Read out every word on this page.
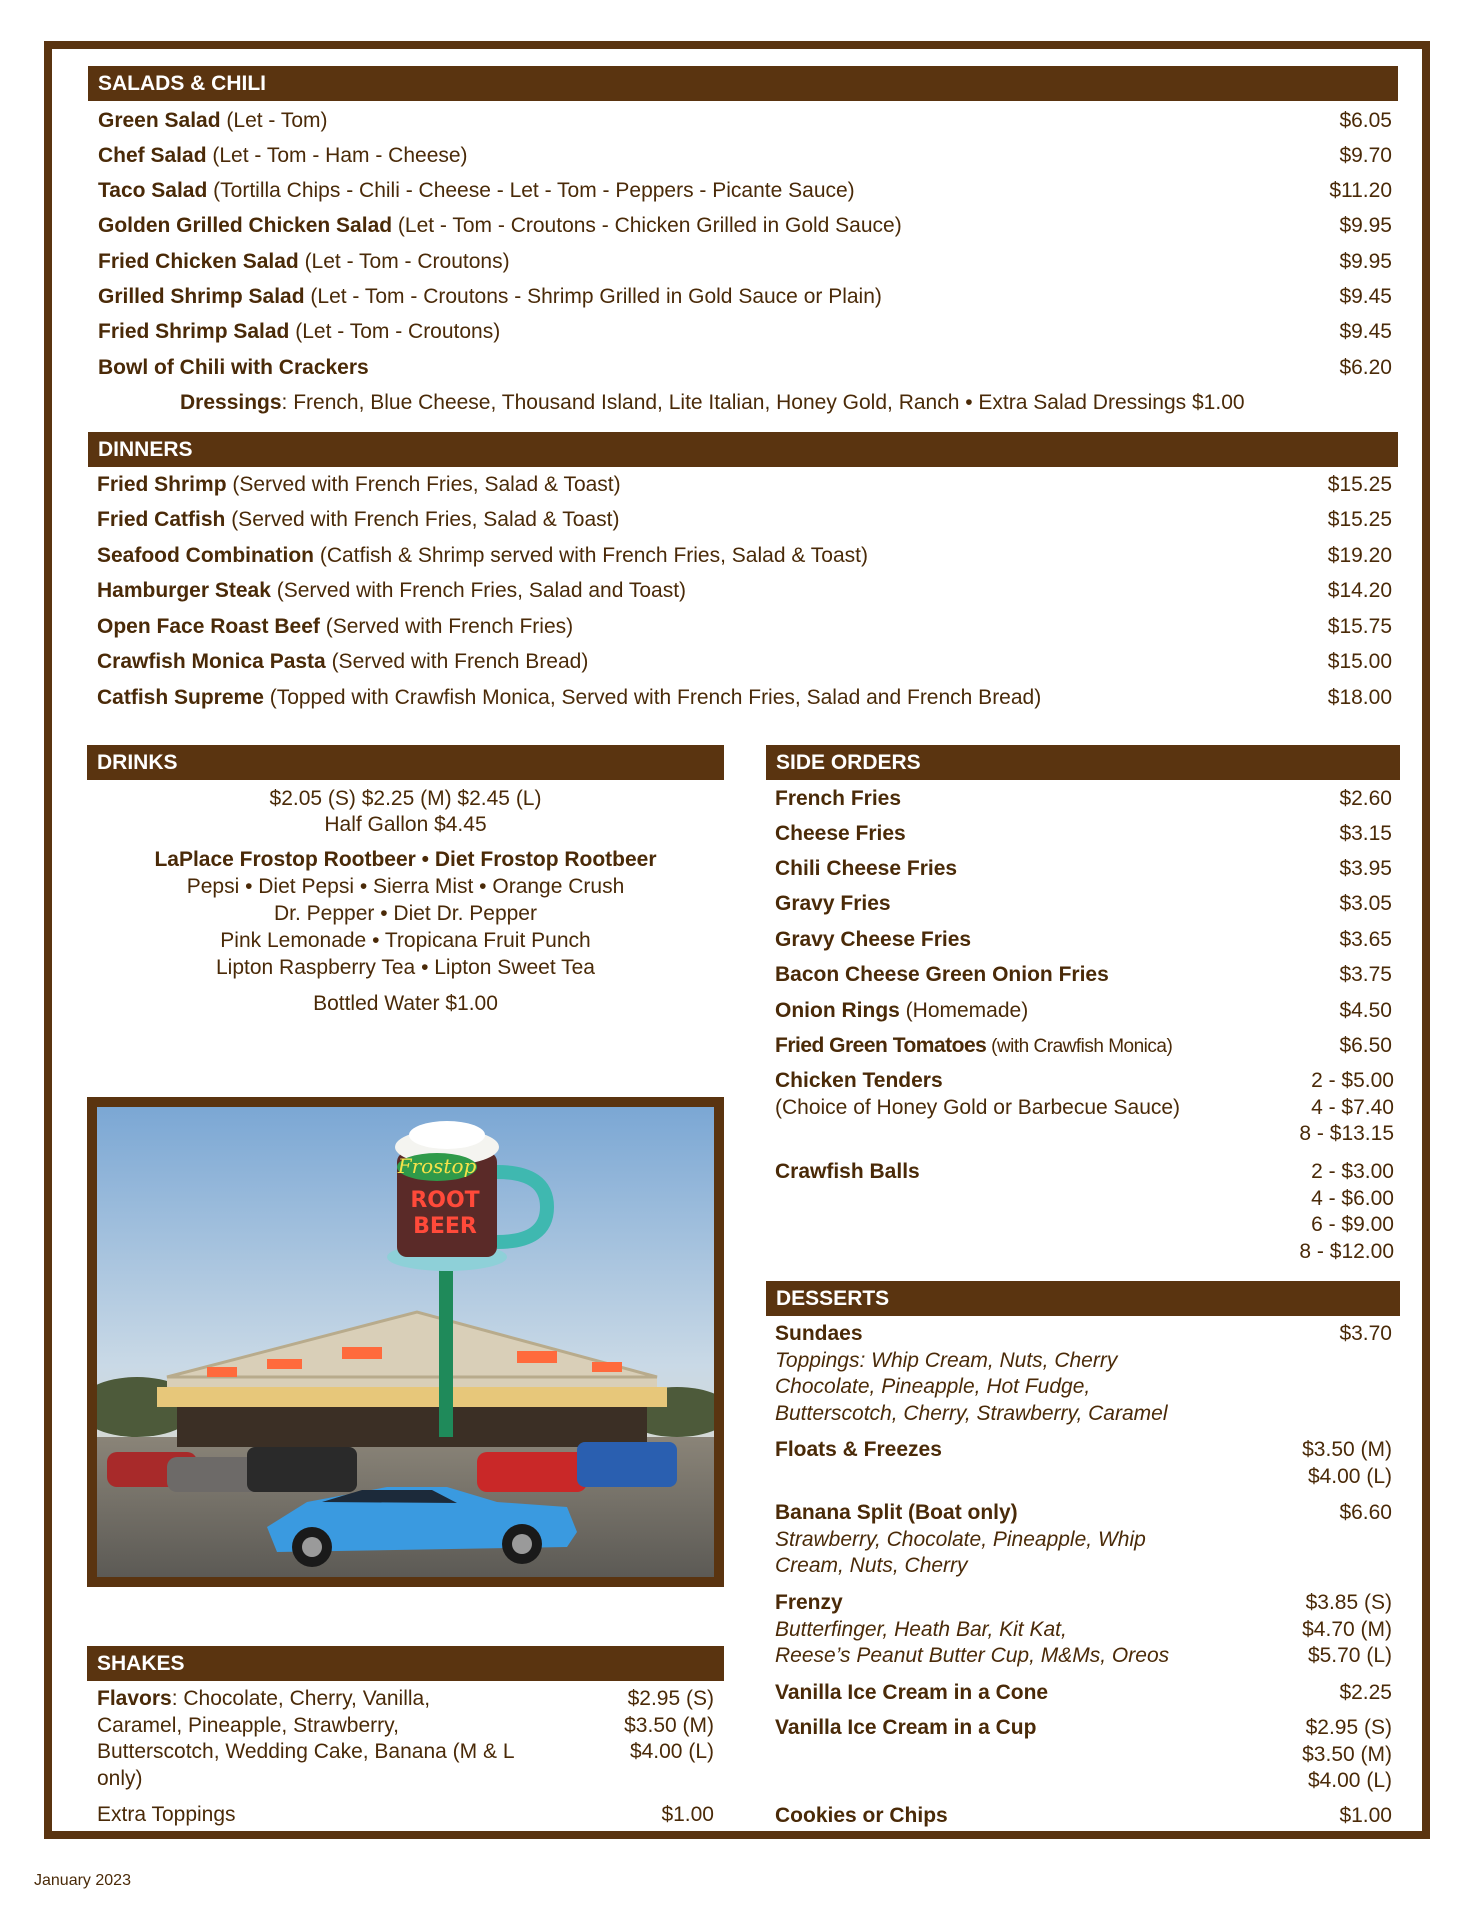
SALADS & CHILI
Green Salad (Let - Tom)	$6.05
Chef Salad (Let - Tom - Ham - Cheese)	$9.70
Taco Salad (Tortilla Chips - Chili - Cheese - Let - Tom - Peppers - Picante Sauce)	$11.20
Golden Grilled Chicken Salad (Let - Tom - Croutons - Chicken Grilled in Gold Sauce)	$9.95
Fried Chicken Salad (Let - Tom - Croutons)	$9.95
Grilled Shrimp Salad (Let - Tom - Croutons - Shrimp Grilled in Gold Sauce or Plain)	$9.45
Fried Shrimp Salad (Let - Tom - Croutons)	$9.45
Bowl of Chili with Crackers	$6.20
Dressings: French, Blue Cheese, Thousand Island, Lite Italian, Honey Gold, Ranch • Extra Salad Dressings $1.00
DINNERS
Fried Shrimp (Served with French Fries, Salad & Toast)	$15.25
Fried Catfish (Served with French Fries, Salad & Toast)	$15.25
Seafood Combination (Catfish & Shrimp served with French Fries, Salad & Toast)	$19.20
Hamburger Steak (Served with French Fries, Salad and Toast)	$14.20
Open Face Roast Beef (Served with French Fries)	$15.75
Crawfish Monica Pasta (Served with French Bread)	$15.00
Catfish Supreme (Topped with Crawfish Monica, Served with French Fries, Salad and French Bread)	$18.00
DRINKS
$2.05 (S) $2.25 (M) $2.45 (L)
Half Gallon $4.45
LaPlace Frostop Rootbeer • Diet Frostop Rootbeer
Pepsi • Diet Pepsi • Sierra Mist • Orange Crush
Dr. Pepper • Diet Dr. Pepper
Pink Lemonade • Tropicana Fruit Punch
Lipton Raspberry Tea • Lipton Sweet Tea
Bottled Water $1.00
Frostop
ROOT
BEER
SHAKES
Flavors: Chocolate, Cherry, Vanilla,
Caramel, Pineapple, Strawberry,
Butterscotch, Wedding Cake, Banana (M & L
only)
$2.95 (S)
$3.50 (M)
$4.00 (L)
Extra Toppings	$1.00
SIDE ORDERS
French Fries	$2.60
Cheese Fries	$3.15
Chili Cheese Fries	$3.95
Gravy Fries	$3.05
Gravy Cheese Fries	$3.65
Bacon Cheese Green Onion Fries	$3.75
Onion Rings (Homemade)	$4.50
Fried Green Tomatoes (with Crawfish Monica)	$6.50
Chicken Tenders
(Choice of Honey Gold or Barbecue Sauce)
2 - $5.00
4 - $7.40
8 - $13.15
Crawfish Balls	2 - $3.00
4 - $6.00
6 - $9.00
8 - $12.00
DESSERTS
Sundaes
Toppings: Whip Cream, Nuts, Cherry
Chocolate, Pineapple, Hot Fudge,
Butterscotch, Cherry, Strawberry, Caramel
$3.70
Floats & Freezes	$3.50 (M)
$4.00 (L)
Banana Split (Boat only)
Strawberry, Chocolate, Pineapple, Whip
Cream, Nuts, Cherry
$6.60
Frenzy
Butterfinger, Heath Bar, Kit Kat,
Reese’s Peanut Butter Cup, M&Ms, Oreos
$3.85 (S)
$4.70 (M)
$5.70 (L)
Vanilla Ice Cream in a Cone	$2.25
Vanilla Ice Cream in a Cup	$2.95 (S)
$3.50 (M)
$4.00 (L)
Cookies or Chips	$1.00
January 2023
